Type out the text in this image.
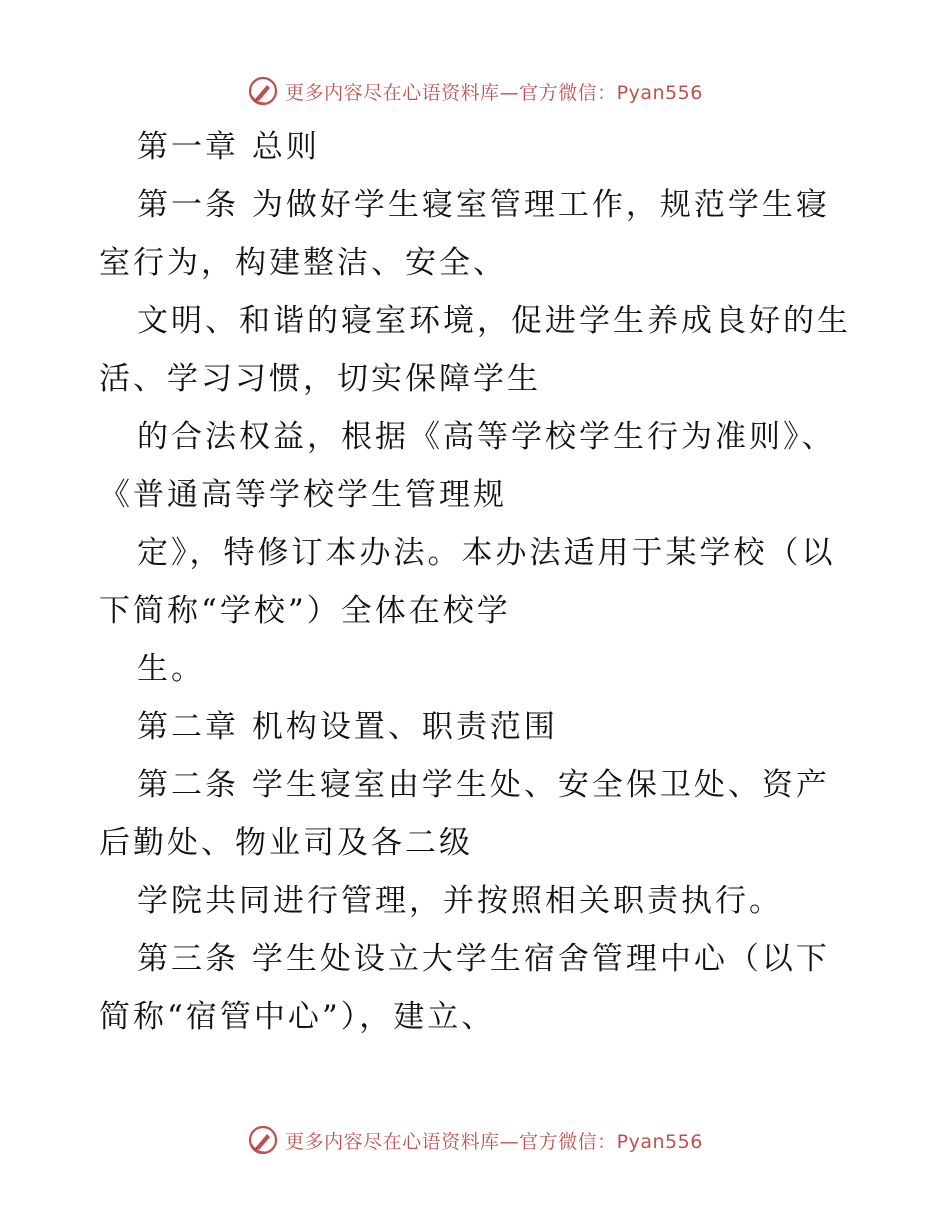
更多内容尽在心语资料库—官方微信：Pyan556
第一章 总则
第一条 为做好学生寝室管理工作，规范学生寝
室行为，构建整洁、安全、
文明、和谐的寝室环境，促进学生养成良好的生
活、学习习惯，切实保障学生
的合法权益，根据《高等学校学生行为准则》、
《普通高等学校学生管理规
定》，特修订本办法。本办法适用于某学校（以
下简称“学校”）全体在校学
生。
第二章 机构设置、职责范围
第二条 学生寝室由学生处、安全保卫处、资产
后勤处、物业司及各二级
学院共同进行管理，并按照相关职责执行。
第三条 学生处设立大学生宿舍管理中心（以下
简称“宿管中心”），建立、
更多内容尽在心语资料库—官方微信：Pyan556
